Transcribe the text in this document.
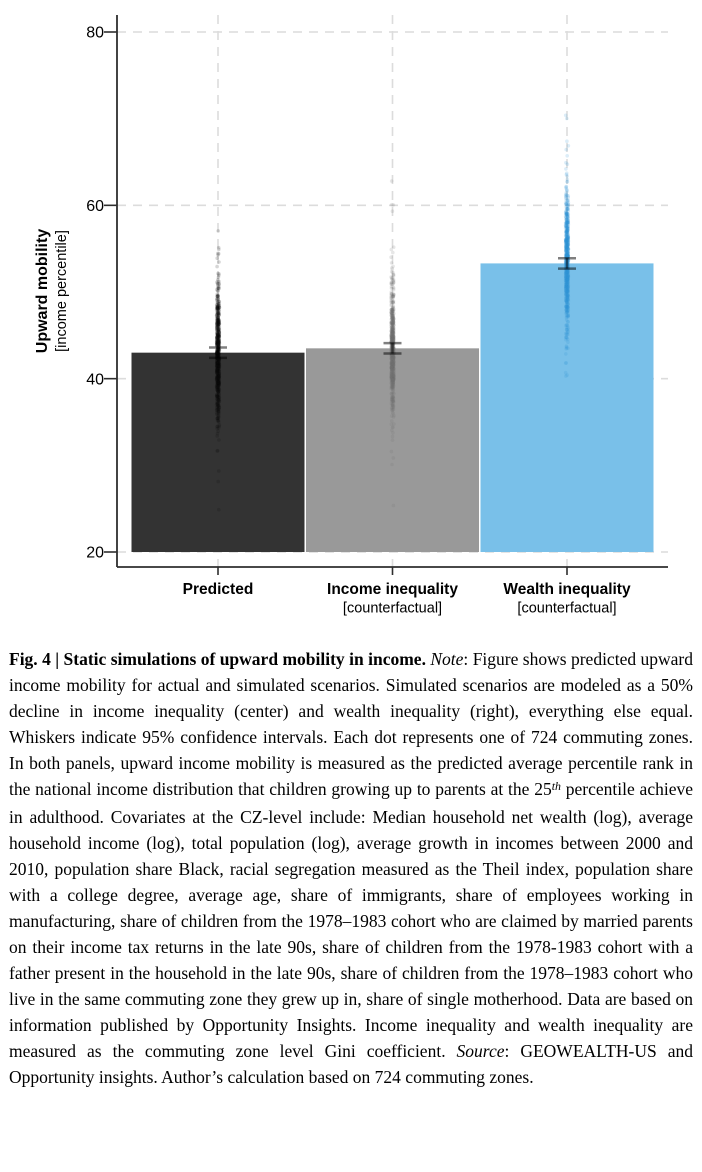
80
60
40
20
Predicted	Income inequality	Wealth inequality
[counterfactual]	[counterfactual]
Upward mobility [income percentile]
Fig. 4 | Static simulations of upward mobility in income. Note: Figure shows predicted upward income mobility for actual and simulated scenarios. Simulated scenarios are modeled as a 50% decline in income inequality (center) and wealth inequality (right), everything else equal. Whiskers indicate 95% confidence intervals. Each dot represents one of 724 commuting zones. In both panels, upward income mobility is measured as the predicted average percentile rank in the national income distribution that children growing up to parents at the 25th percentile achieve in adulthood. Covariates at the CZ-level include: Median household net wealth (log), average household income (log), total population (log), average growth in incomes between 2000 and 2010, population share Black, racial segregation measured as the Theil index, population share with a college degree, average age, share of immigrants, share of employees working in manufacturing, share of children from the 1978–1983 cohort who are claimed by married parents on their income tax returns in the late 90s, share of children from the 1978-1983 cohort with a father present in the household in the late 90s, share of children from the 1978–1983 cohort who live in the same commuting zone they grew up in, share of single motherhood. Data are based on information published by Opportunity Insights. Income inequality and wealth inequality are measured as the commuting zone level Gini coefficient. Source: GEOWEALTH-US and Opportunity insights. Author’s calculation based on 724 commuting zones.
